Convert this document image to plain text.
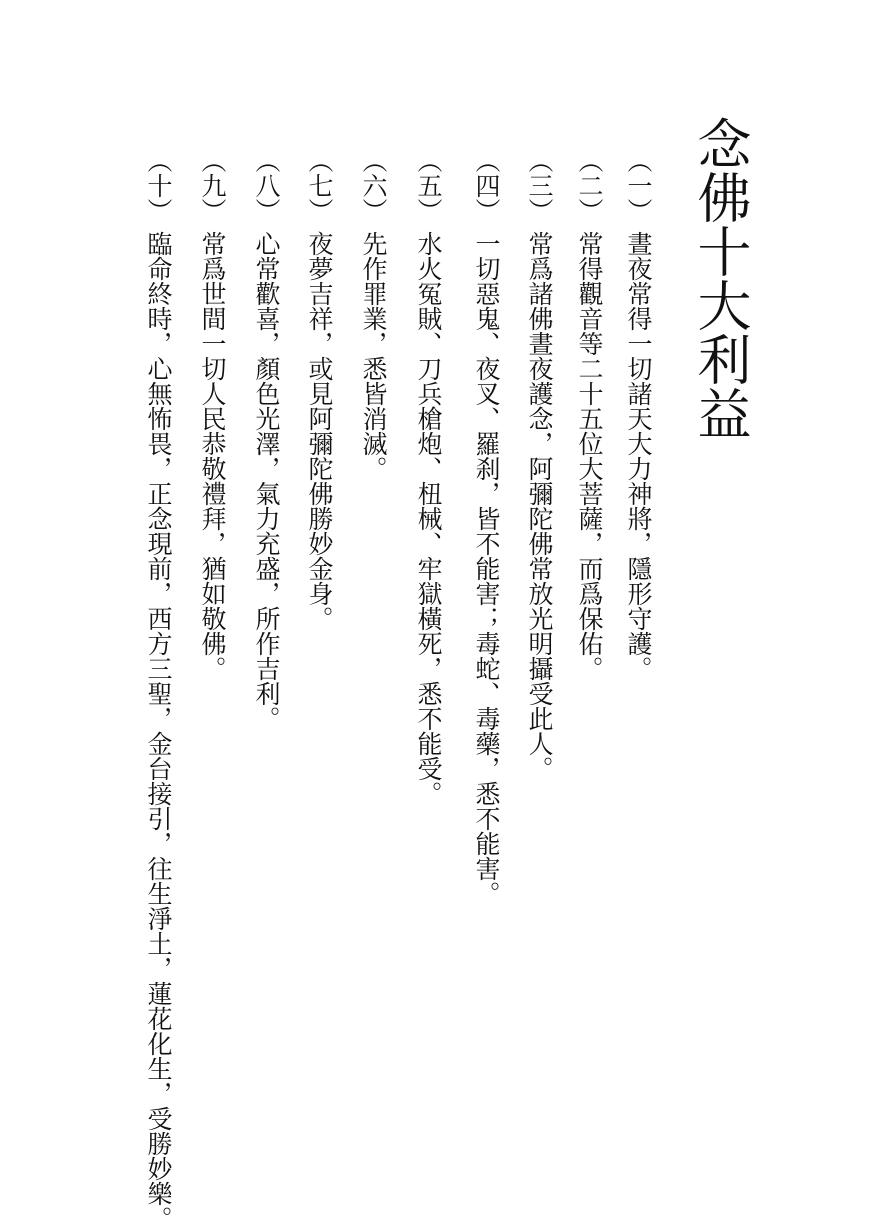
念佛十大利益
（一）晝夜常得一切諸天大力神將，隱形守護。
（二）常得觀音等二十五位大菩薩，而爲保佑。
（三）常爲諸佛晝夜護念，阿彌陀佛常放光明攝受此人。
（四）一切惡鬼、夜叉、羅刹，皆不能害；毒蛇、毒藥，悉不能害。
（五）水火冤賊、刀兵槍炮、杻械、牢獄橫死，悉不能受。
（六）先作罪業，悉皆消滅。
（七）夜夢吉祥，或見阿彌陀佛勝妙金身。
（八）心常歡喜，顏色光澤，氣力充盛，所作吉利。
（九）常爲世間一切人民恭敬禮拜，猶如敬佛。
（十）臨命終時，心無怖畏，正念現前，西方三聖，金台接引，往生淨土，蓮花化生，受勝妙樂。
